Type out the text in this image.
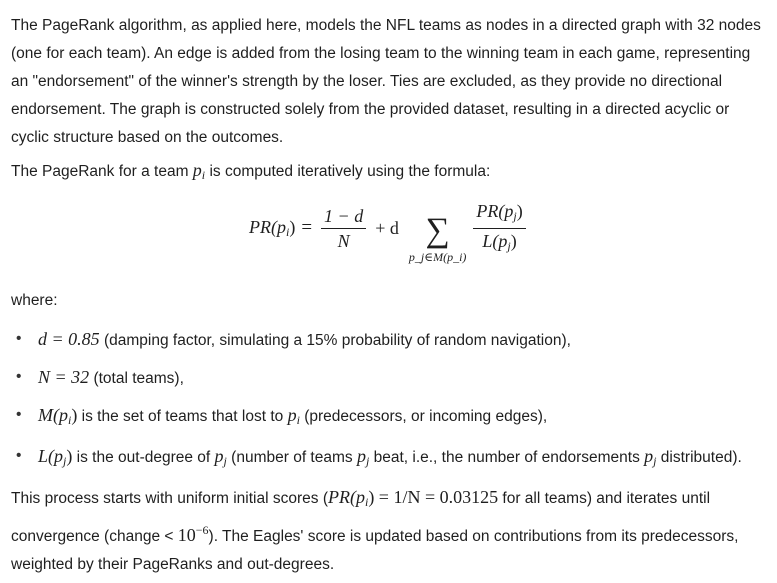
The PageRank algorithm, as applied here, models the NFL teams as nodes in a directed graph with 32 nodes (one for each team). An edge is added from the losing team to the winning team in each game, representing an "endorsement" of the winner's strength by the loser. Ties are excluded, as they provide no directional endorsement. The graph is constructed solely from the provided dataset, resulting in a directed acyclic or cyclic structure based on the outcomes.

The PageRank for a team $p_i$ is computed iteratively using the formula:

$PR(p_i) = \frac{1 - d}{N} + d$ ∑
p_j∈M(p_i)
$\frac{PR(p_j)}{L(p_j)}$

where:

• d = 0.85 (damping factor, simulating a 15% probability of random navigation),
• N = 32 (total teams),
• $M(p_i)$ is the set of teams that lost to $p_i$ (predecessors, or incoming edges),
• $L(p_j)$ is the out-degree of $p_j$ (number of teams $p_j$ beat, i.e., the number of endorsements $p_j$ distributed).

This process starts with uniform initial scores ($PR(p_i) = 1/N = 0.03125$ for all teams) and iterates until convergence (change < $10^{-6}$). The Eagles' score is updated based on contributions from its predecessors, weighted by their PageRanks and out-degrees.
